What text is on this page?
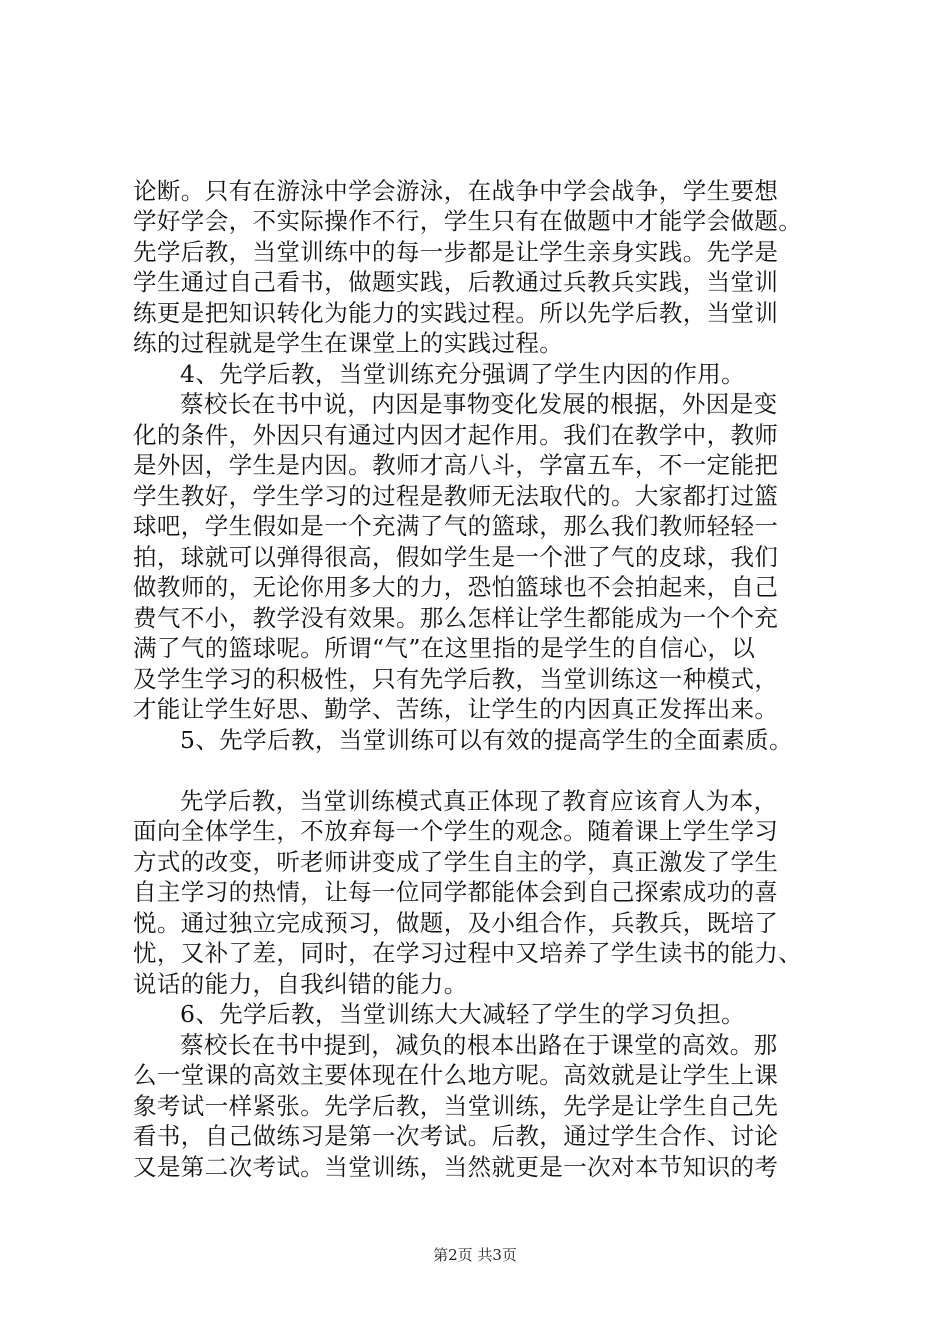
论断。只有在游泳中学会游泳，在战争中学会战争，学生要想
学好学会，不实际操作不行，学生只有在做题中才能学会做题。
先学后教，当堂训练中的每一步都是让学生亲身实践。先学是
学生通过自己看书，做题实践，后教通过兵教兵实践，当堂训
练更是把知识转化为能力的实践过程。所以先学后教，当堂训
练的过程就是学生在课堂上的实践过程。
4、先学后教，当堂训练充分强调了学生内因的作用。
蔡校长在书中说，内因是事物变化发展的根据，外因是变
化的条件，外因只有通过内因才起作用。我们在教学中，教师
是外因，学生是内因。教师才高八斗，学富五车，不一定能把
学生教好，学生学习的过程是教师无法取代的。大家都打过篮
球吧，学生假如是一个充满了气的篮球，那么我们教师轻轻一
拍，球就可以弹得很高，假如学生是一个泄了气的皮球，我们
做教师的，无论你用多大的力，恐怕篮球也不会拍起来，自己
费气不小，教学没有效果。那么怎样让学生都能成为一个个充
满了气的篮球呢。所谓“气”在这里指的是学生的自信心，以
及学生学习的积极性，只有先学后教，当堂训练这一种模式，
才能让学生好思、勤学、苦练，让学生的内因真正发挥出来。
5、先学后教，当堂训练可以有效的提高学生的全面素质。
先学后教，当堂训练模式真正体现了教育应该育人为本，
面向全体学生，不放弃每一个学生的观念。随着课上学生学习
方式的改变，听老师讲变成了学生自主的学，真正激发了学生
自主学习的热情，让每一位同学都能体会到自己探索成功的喜
悦。通过独立完成预习，做题，及小组合作，兵教兵，既培了
忧，又补了差，同时，在学习过程中又培养了学生读书的能力、
说话的能力，自我纠错的能力。
6、先学后教，当堂训练大大减轻了学生的学习负担。
蔡校长在书中提到，减负的根本出路在于课堂的高效。那
么一堂课的高效主要体现在什么地方呢。高效就是让学生上课
象考试一样紧张。先学后教，当堂训练，先学是让学生自己先
看书，自己做练习是第一次考试。后教，通过学生合作、讨论
又是第二次考试。当堂训练，当然就更是一次对本节知识的考
第2页 共3页
